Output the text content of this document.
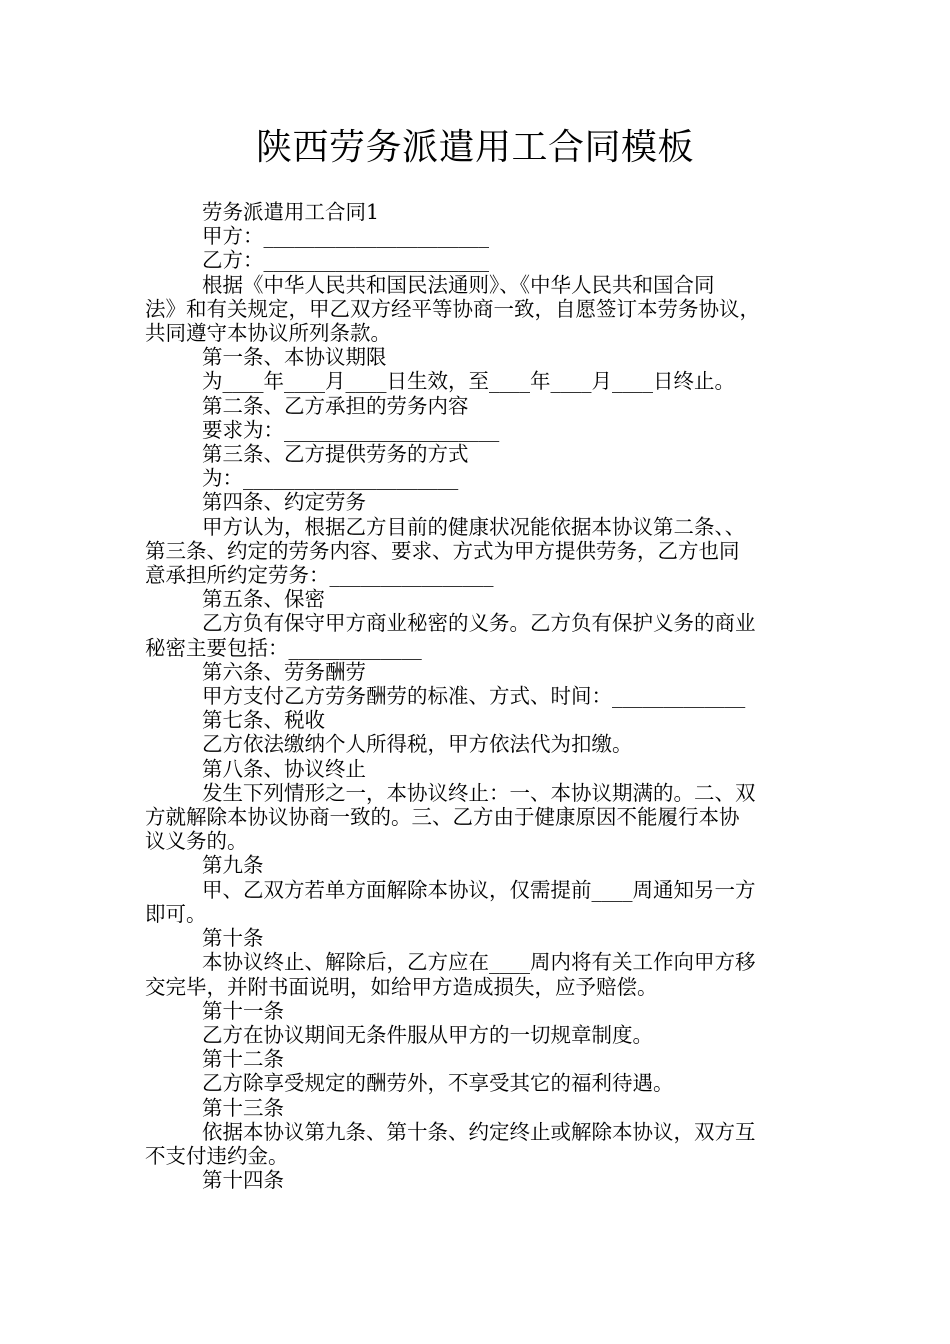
陕西劳务派遣用工合同模板

劳务派遣用工合同1

甲方：______________________

乙方：______________________

根据《中华人民共和国民法通则》、《中华人民共和国合同

法》和有关规定，甲乙双方经平等协商一致，自愿签订本劳务协议，

共同遵守本协议所列条款。

第一条、本协议期限

为____年____月____日生效，至____年____月____日终止。

第二条、乙方承担的劳务内容

要求为：_____________________

第三条、乙方提供劳务的方式

为：_____________________

第四条、约定劳务

甲方认为，根据乙方目前的健康状况能依据本协议第二条、、

第三条、约定的劳务内容、要求、方式为甲方提供劳务，乙方也同

意承担所约定劳务：________________

第五条、保密

乙方负有保守甲方商业秘密的义务。乙方负有保护义务的商业

秘密主要包括：_____________

第六条、劳务酬劳

甲方支付乙方劳务酬劳的标准、方式、时间：_____________

第七条、税收

乙方依法缴纳个人所得税，甲方依法代为扣缴。

第八条、协议终止

发生下列情形之一，本协议终止：一、本协议期满的。二、双

方就解除本协议协商一致的。三、乙方由于健康原因不能履行本协

议义务的。

第九条

甲、乙双方若单方面解除本协议，仅需提前____周通知另一方

即可。

第十条

本协议终止、解除后，乙方应在____周内将有关工作向甲方移

交完毕，并附书面说明，如给甲方造成损失，应予赔偿。

第十一条

乙方在协议期间无条件服从甲方的一切规章制度。

第十二条

乙方除享受规定的酬劳外，不享受其它的福利待遇。

第十三条

依据本协议第九条、第十条、约定终止或解除本协议，双方互

不支付违约金。

第十四条
